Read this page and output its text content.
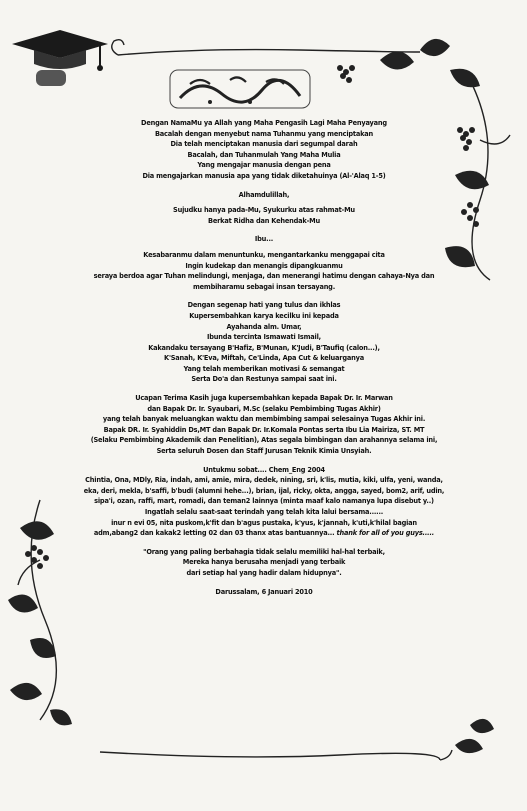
Dengan NamaMu ya Allah yang Maha Pengasih Lagi Maha Penyayang

Bacalah dengan menyebut nama Tuhanmu yang menciptakan

Dia telah menciptakan manusia dari segumpal darah

Bacalah, dan Tuhanmulah Yang Maha Mulia

Yang mengajar manusia dengan pena

Dia mengajarkan manusia apa yang tidak diketahuinya (Al-'Alaq 1-5)

Alhamdulillah,

Sujudku hanya pada-Mu, Syukurku atas rahmat-Mu

Berkat Ridha dan Kehendak-Mu

Ibu...

Kesabaranmu dalam menuntunku, mengantarkanku menggapai cita

Ingin kudekap dan menangis dipangkuanmu

seraya berdoa agar Tuhan melindungi, menjaga, dan menerangi hatimu dengan cahaya-Nya dan

membiharamu sebagai insan tersayang.

Dengan segenap hati yang tulus dan ikhlas

Kupersembahkan karya kecilku ini kepada

Ayahanda alm. Umar,

Ibunda tercinta Ismawati Ismail,

Kakandaku tersayang B'Hafiz, B'Munan, K'Judi, B'Taufiq (calon...),

K'Sanah, K'Eva, Miftah, Ce'Linda, Apa Cut & keluarganya

Yang telah memberikan motivasi & semangat

Serta Do'a dan Restunya sampai saat ini.

Ucapan Terima Kasih juga kupersembahkan kepada Bapak Dr. Ir. Marwan

dan Bapak Dr. Ir. Syaubari, M.Sc (selaku Pembimbing Tugas Akhir)

yang telah banyak meluangkan waktu dan membimbing sampai selesainya Tugas Akhir ini.

Bapak DR. Ir. Syahiddin Ds,MT dan Bapak Dr. Ir.Komala Pontas serta Ibu Lia Mairiza, ST. MT

(Selaku Pembimbing Akademik dan Penelitian), Atas segala bimbingan dan arahannya selama ini,

Serta seluruh Dosen dan Staff Jurusan Teknik Kimia Unsyiah.

Untukmu sobat.... Chem_Eng 2004

Chintia, Ona, MDly, Ria, indah, ami, amie, mira, dedek, nining, sri, k'lis, mutia, kiki, ulfa, yeni, wanda,

eka, deri, mekla, b'saffi, b'budi (alumni hehe...), brian, ijal, ricky, okta, angga, sayed, bom2, arif, udin,

sipa'i, ozan, raffi, mart, romadi, dan teman2 lainnya (minta maaf kalo namanya lupa disebut y..)

Ingatlah selalu saat-saat terindah yang telah kita lalui bersama......

inur n evi 05, nita puskom,k'fit dan b'agus pustaka, k'yus, k'jannah, k'uti,k'hilal bagian

adm,abang2 dan kakak2 letting 02 dan 03 thanx atas bantuannya... thank for all of you guys.....

"Orang yang paling berbahagia tidak selalu memiliki hal-hal terbaik,

Mereka hanya berusaha menjadi yang terbaik

dari setiap hal yang hadir dalam hidupnya".

Darussalam, 6 Januari 2010
